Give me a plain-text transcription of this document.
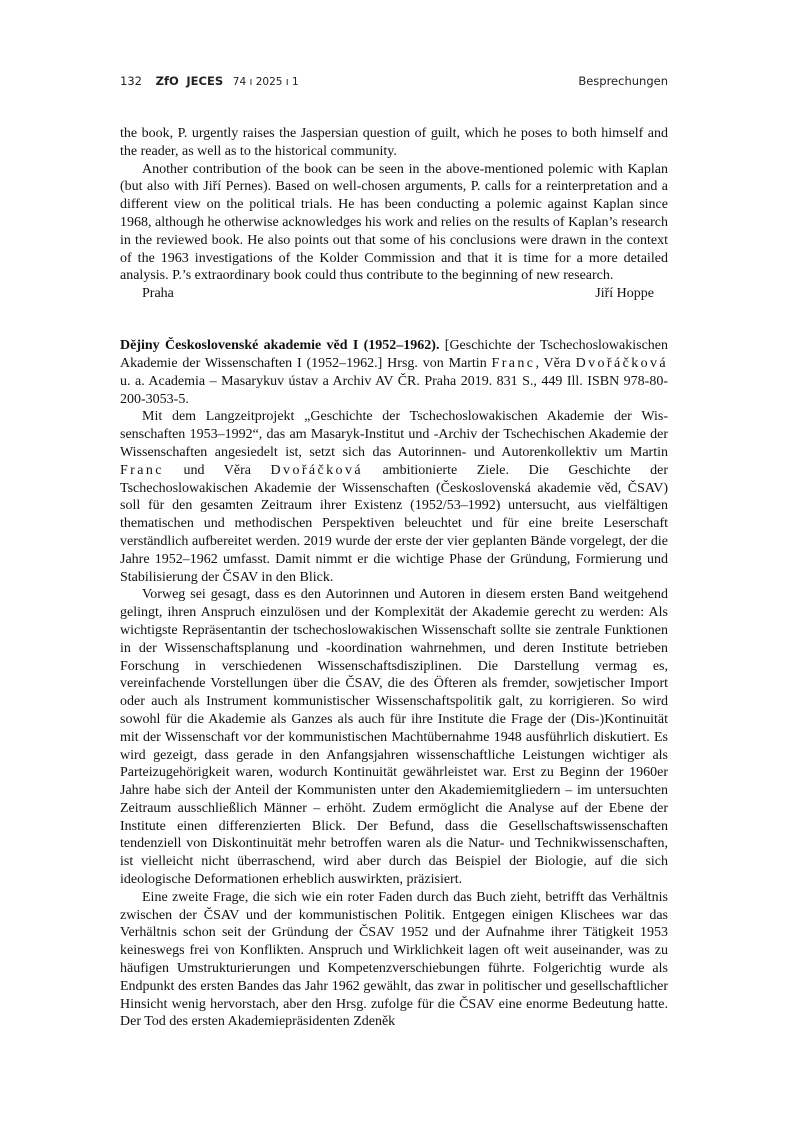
132 ZfO JECES 74 ı 2025 ı 1	Besprechungen

the book, P. urgently raises the Jaspersian question of guilt, which he poses to both himself and the reader, as well as to the historical community.

Another contribution of the book can be seen in the above-mentioned polemic with Kaplan (but also with Jiří Pernes). Based on well-chosen arguments, P. calls for a reinterpretation and a different view on the political trials. He has been conducting a polemic against Kaplan since 1968, although he otherwise acknowledges his work and relies on the results of Kaplan’s research in the reviewed book. He also points out that some of his conclusions were drawn in the context of the 1963 investigations of the Kolder Commission and that it is time for a more detailed analysis. P.’s extraordinary book could thus contribute to the beginning of new research.

Praha	Jiří Hoppe

Dějiny Československé akademie věd I (1952–1962). [Geschichte der Tschechoslowakischen Akademie der Wissenschaften I (1952–1962.] Hrsg. von Martin Franc, Věra Dvořáčková u. a. Academia – Masarykuv ústav a Archiv AV ČR. Praha 2019. 831 S., 449 Ill. ISBN 978-80-200-3053-5.

Mit dem Langzeitprojekt „Geschichte der Tschechoslowakischen Akademie der Wissenschaften 1953–1992“, das am Masaryk-Institut und -Archiv der Tschechischen Akademie der Wissenschaften angesiedelt ist, setzt sich das Autorinnen- und Autorenkollektiv um Martin Franc und Věra Dvořáčková ambitionierte Ziele. Die Geschichte der Tschechoslowakischen Akademie der Wissenschaften (Československá akademie věd, ČSAV) soll für den gesamten Zeitraum ihrer Existenz (1952/53–1992) untersucht, aus vielfältigen thematischen und methodischen Perspektiven beleuchtet und für eine breite Leserschaft verständlich aufbereitet werden. 2019 wurde der erste der vier geplanten Bände vorgelegt, der die Jahre 1952–1962 umfasst. Damit nimmt er die wichtige Phase der Gründung, Formierung und Stabilisierung der ČSAV in den Blick.

Vorweg sei gesagt, dass es den Autorinnen und Autoren in diesem ersten Band weitgehend gelingt, ihren Anspruch einzulösen und der Komplexität der Akademie gerecht zu werden: Als wichtigste Repräsentantin der tschechoslowakischen Wissenschaft sollte sie zentrale Funktionen in der Wissenschaftsplanung und -koordination wahrnehmen, und deren Institute betrieben Forschung in verschiedenen Wissenschaftsdisziplinen. Die Darstellung vermag es, vereinfachende Vorstellungen über die ČSAV, die des Öfteren als fremder, sowjetischer Import oder auch als Instrument kommunistischer Wissenschaftspolitik galt, zu korrigieren. So wird sowohl für die Akademie als Ganzes als auch für ihre Institute die Frage der (Dis-)Kontinuität mit der Wissenschaft vor der kommunistischen Machtübernahme 1948 ausführlich diskutiert. Es wird gezeigt, dass gerade in den Anfangsjahren wissenschaftliche Leistungen wichtiger als Parteizugehörigkeit waren, wodurch Kontinuität gewährleistet war. Erst zu Beginn der 1960er Jahre habe sich der Anteil der Kommunisten unter den Akademiemitgliedern – im untersuchten Zeitraum ausschließlich Männer – erhöht. Zudem ermöglicht die Analyse auf der Ebene der Institute einen differenzierten Blick. Der Befund, dass die Gesellschaftswissenschaften tendenziell von Diskontinuität mehr betroffen waren als die Natur- und Technikwissenschaften, ist vielleicht nicht überraschend, wird aber durch das Beispiel der Biologie, auf die sich ideologische Deformationen erheblich auswirkten, präzisiert.

Eine zweite Frage, die sich wie ein roter Faden durch das Buch zieht, betrifft das Verhältnis zwischen der ČSAV und der kommunistischen Politik. Entgegen einigen Klischees war das Verhältnis schon seit der Gründung der ČSAV 1952 und der Aufnahme ihrer Tätigkeit 1953 keineswegs frei von Konflikten. Anspruch und Wirklichkeit lagen oft weit auseinander, was zu häufigen Umstrukturierungen und Kompetenzverschiebungen führte. Folgerichtig wurde als Endpunkt des ersten Bandes das Jahr 1962 gewählt, das zwar in politischer und gesellschaftlicher Hinsicht wenig hervorstach, aber den Hrsg. zufolge für die ČSAV eine enorme Bedeutung hatte. Der Tod des ersten Akademiepräsidenten Zdeněk
